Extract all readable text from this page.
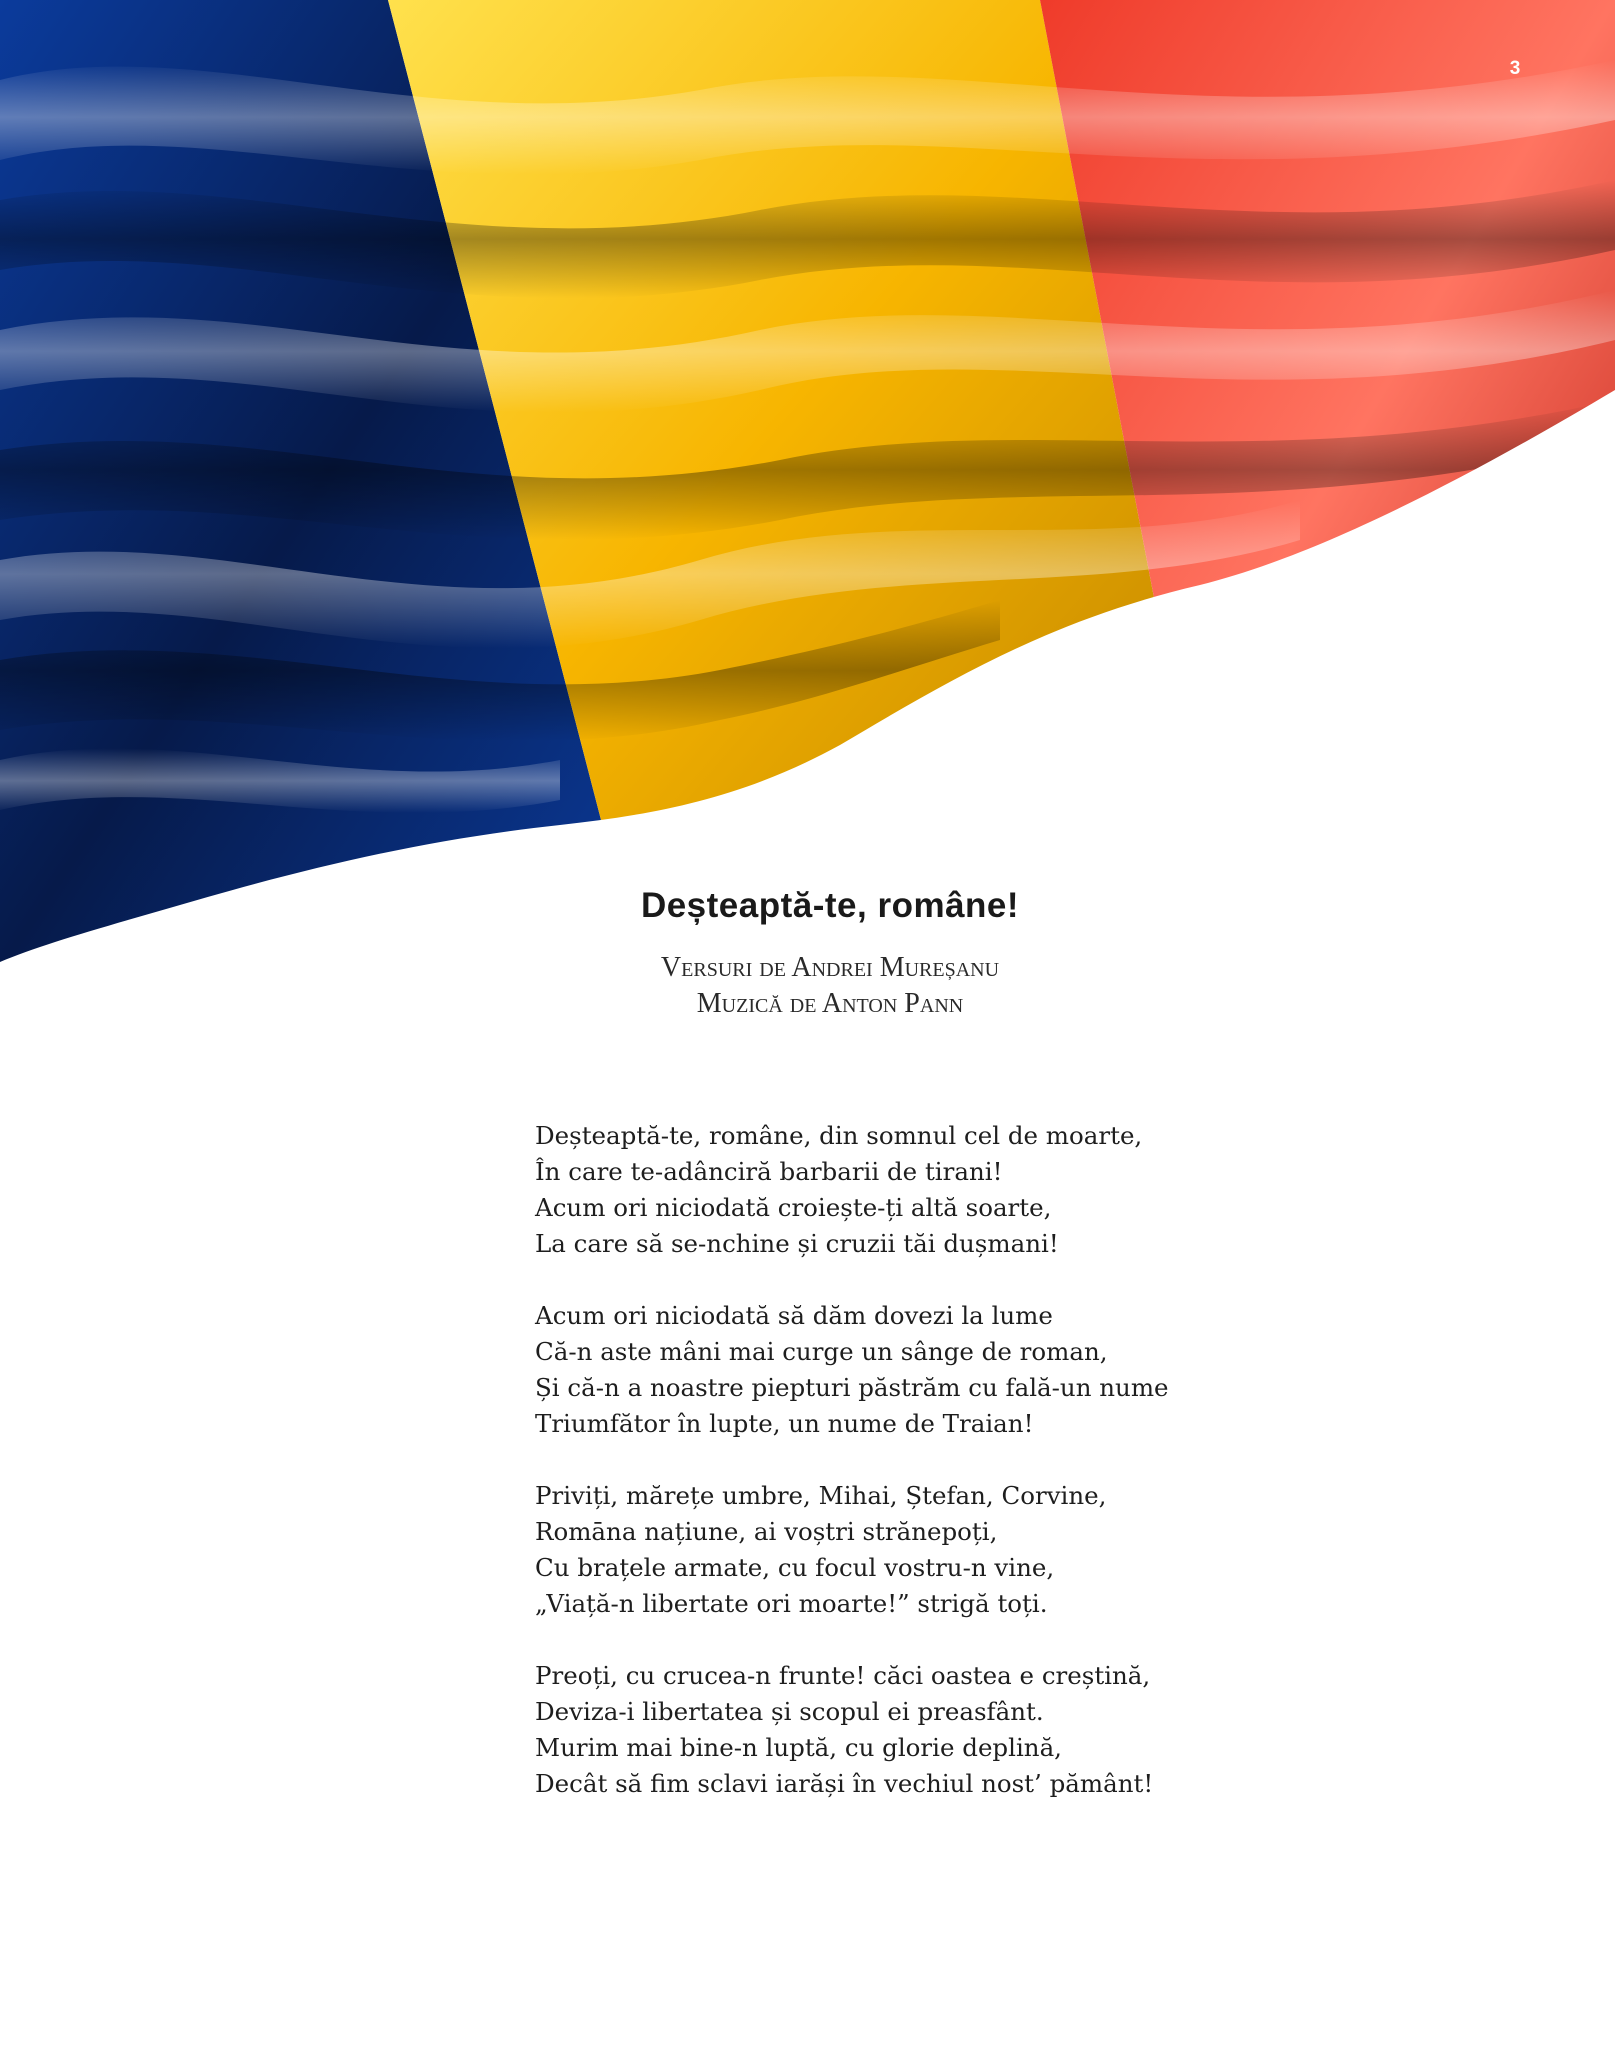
3
Deșteaptă-te, române!
Versuri de Andrei Mureșanu
Muzică de Anton Pann
Deșteaptă-te, române, din somnul cel de moarte,
În care te-adânciră barbarii de tirani!
Acum ori niciodată croiește-ți altă soarte,
La care să se-nchine și cruzii tăi dușmani!
Acum ori niciodată să dăm dovezi la lume
Că-n aste mâni mai curge un sânge de roman,
Și că-n a noastre piepturi păstrăm cu fală-un nume
Triumfător în lupte, un nume de Traian!
Priviți, mărețe umbre, Mihai, Ștefan, Corvine,
Romāna națiune, ai voștri strănepoți,
Cu brațele armate, cu focul vostru-n vine,
„Viață-n libertate ori moarte!” strigă toți.
Preoți, cu crucea-n frunte! căci oastea e creștină,
Deviza-i libertatea și scopul ei preasfânt.
Murim mai bine-n luptă, cu glorie deplină,
Decât să fim sclavi iarăși în vechiul nost’ pământ!
